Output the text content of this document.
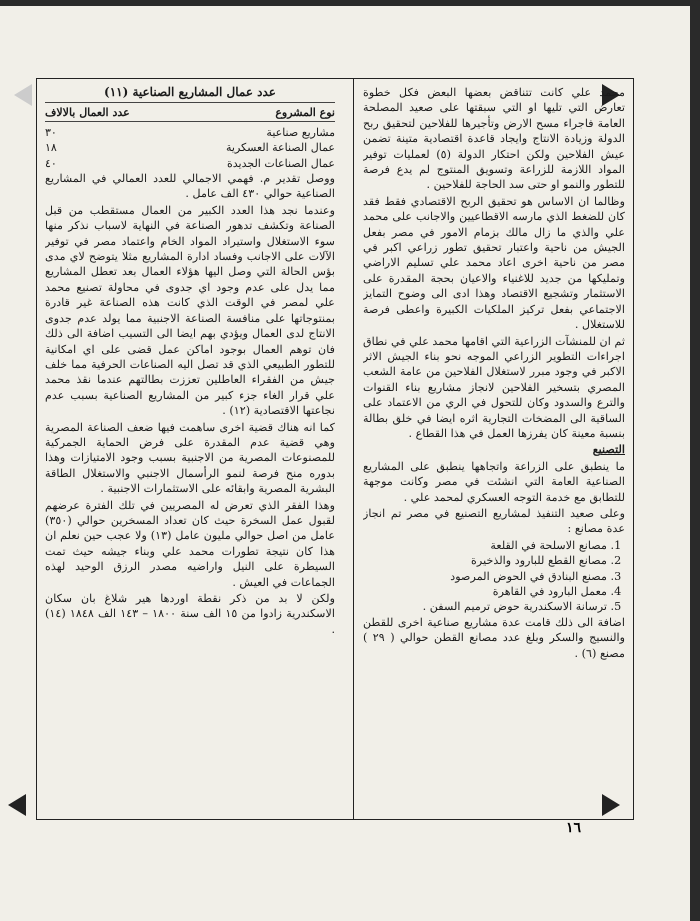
محمد علي كانت تتناقض بعضها البعض فكل خطوة تعارض التي تليها او التي سبقتها على صعيد المصلحة العامة فاجراء مسح الارض وتأجيرها للفلاحين لتحقيق ربح الدولة وزيادة الانتاج وايجاد قاعدة اقتصادية متينة تضمن عيش الفلاحين ولكن احتكار الدولة (٥) لعمليات توفير المواد اللازمة للزراعة وتسويق المنتوج لم يدع فرصة للتطور والنمو او حتى سد الحاجة للفلاحين .

وظالما ان الاساس هو تحقيق الربح الاقتصادي فقط فقد كان للضغط الذي مارسه الاقطاعيين والاجانب على محمد علي والذي ما زال مالك بزمام الامور في مصر بفعل الجيش من ناحية واعتبار تحقيق تطور زراعي اكبر في مصر من ناحية اخرى اعاد محمد علي تسليم الاراضي وتمليكها من جديد للاغنياء والاعيان بحجة المقدرة على الاستثمار وتشجيع الاقتصاد وهذا ادى الى وضوح التمايز الاجتماعي بفعل تركيز الملكيات الكبيرة واعطى فرصة للاستغلال .

ثم ان للمنشآت الزراعية التي اقامها محمد علي في نطاق اجراءات التطوير الزراعي الموجه نحو بناء الجيش الاثر الاكبر في وجود مبرر لاستغلال الفلاحين من عامة الشعب المصري بتسخير الفلاحين لانجاز مشاريع بناء القنوات والترع والسدود وكان للتحول في الري من الاعتماد على الساقية الى المضخات التجارية اثره ايضا في خلق بطالة بنسبة معينة كان يفرزها العمل في هذا القطاع .

التصنيع

ما ينطبق على الزراعة واتجاهها ينطبق على المشاريع الصناعية العامة التي انشئت في مصر وكانت موجهة للتطابق مع خدمة التوجه العسكري لمحمد علي .

وعلى صعيد التنفيذ لمشاريع التصنيع في مصر تم انجاز عدة مصانع :

1. مصانع الاسلحة في القلعة
2. مصانع القطع للبارود والذخيرة
3. مصنع البنادق في الحوض المرصود
4. معمل البارود في القاهرة
5. ترسانة الاسكندرية حوض ترميم السفن .

اضافة الى ذلك قامت عدة مشاريع صناعية اخرى للقطن والنسيج والسكر وبلغ عدد مصانع القطن حوالي ( ٢٩ ) مصنع (٦) .

عدد عمال المشاريع الصناعية (١١)
نوع المشروع
عدد العمال بالالاف
مشاريع صناعية
٣٠
عمال الصناعة العسكرية
١٨
عمال الصناعات الجديدة
٤٠

ووصل تقدير م. فهمي الاجمالي للعدد العمالي في المشاريع الصناعية حوالي ٤٣٠ الف عامل .

وعندما نجد هذا العدد الكبير من العمال مستقطب من قبل الصناعة وتكشف تدهور الصناعة في النهاية لاسباب نذكر منها سوء الاستغلال واستيراد المواد الخام واعتماد مصر في توفير الآلات على الاجانب وفساد ادارة المشاريع مثلا يتوضح لاي مدى بؤس الحالة التي وصل اليها هؤلاء العمال بعد تعطل المشاريع مما يدل على عدم وجود اي جدوى في محاولة تصنيع محمد علي لمصر في الوقت الذي كانت هذه الصناعة غير قادرة بمنتوجاتها على منافسة الصناعة الاجنبية مما يولد عدم جدوى الانتاج لدى العمال ويؤدي بهم ايضا الى التسيب اضافة الى ذلك فان توهم العمال بوجود اماكن عمل قضى على اي امكانية للتطور الطبيعي الذي قد تصل اليه الصناعات الحرفية مما خلف جيش من الفقراء العاطلين تعززت بطالتهم عندما نقذ محمد علي قرار الغاء جزء كبير من المشاريع الصناعية بسبب عدم نجاعتها الاقتصادية (١٢) .

كما انه هناك قضية اخرى ساهمت فيها ضعف الصناعة المصرية وهي قضية عدم المقدرة على فرض الحماية الجمركية للمصنوعات المصرية من الاجنبية بسبب وجود الامتيازات وهذا بدوره منح فرصة لنمو الرأسمال الاجنبي والاستغلال الطاقة البشرية المصرية وابقائه على الاستثمارات الاجنبية .

وهذا الفقر الذي تعرض له المصريين في تلك الفترة عرضهم لقبول عمل السخرة حيث كان تعداد المسخرين حوالي (٣٥٠) عامل من اصل حوالي مليون عامل (١٣) ولا عجب حين نعلم ان هذا كان نتيجة تطورات محمد علي وبناء جيشه حيث تمت السيطرة على النيل واراضيه مصدر الرزق الوحيد لهذه الجماعات في العيش .

ولكن لا بد من ذكر نقطة اوردها هير شلاغ بان سكان الاسكندرية زادوا من ١٥ الف سنة ١٨٠٠ – ١٤٣ الف ١٨٤٨ (١٤) .

١٦
